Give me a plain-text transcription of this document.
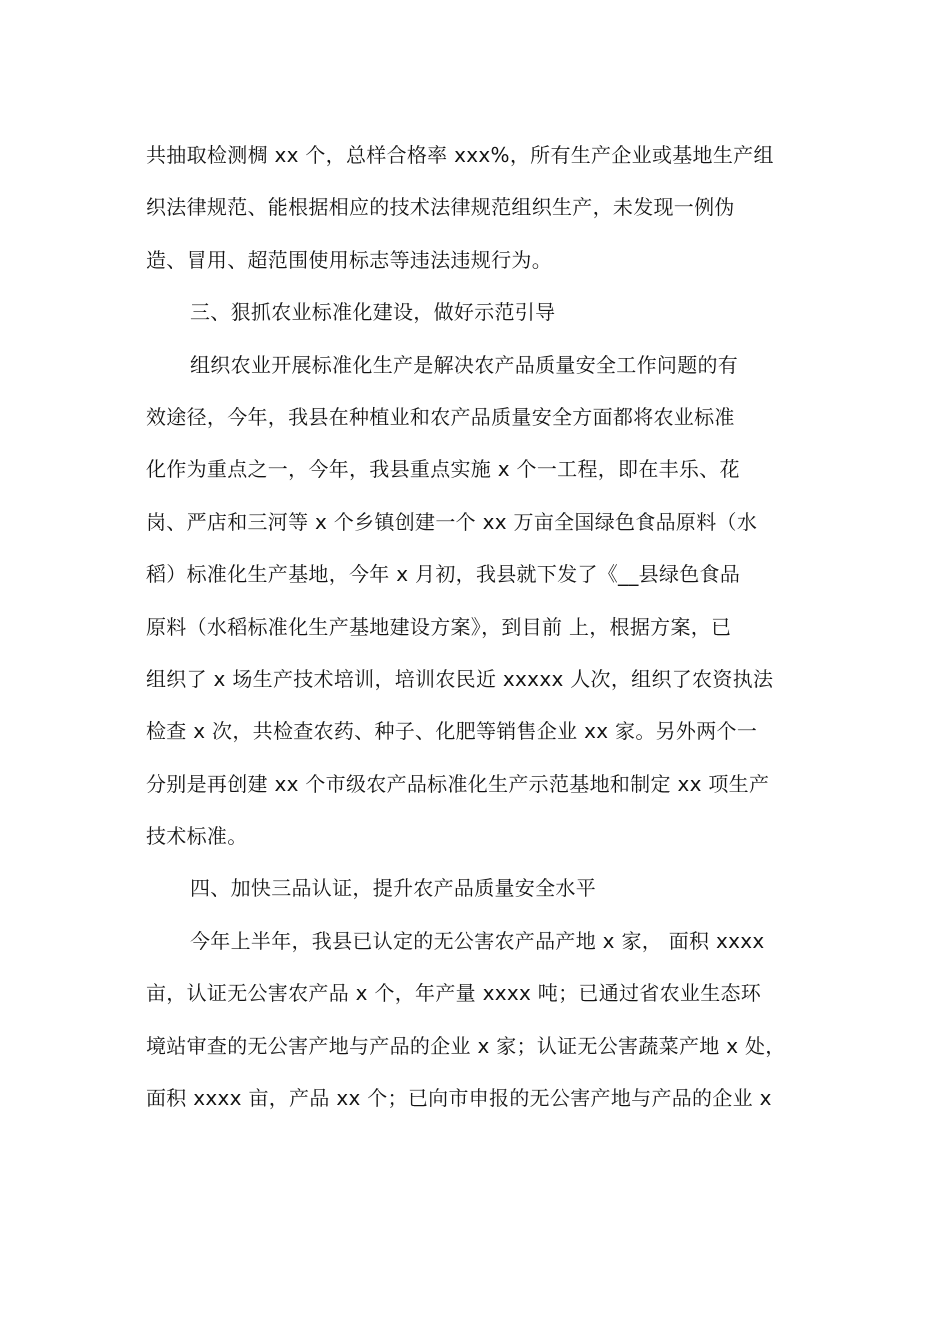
共抽取检测椆 xx 个，总样合格率 xxx%，所有生产企业或基地生产组
织法律规范、能根据相应的技术法律规范组织生产，未发现一例伪
造、冒用、超范围使用标志等违法违规行为。
三、狠抓农业标准化建设，做好示范引导
组织农业开展标准化生产是解决农产品质量安全工作问题的有
效途径，今年，我县在种植业和农产品质量安全方面都将农业标准
化作为重点之一，今年，我县重点实施 x 个一工程，即在丰乐、花
岗、严店和三河等 x 个乡镇创建一个 xx 万亩全国绿色食品原料（水
稻）标准化生产基地，今年 x 月初，我县就下发了《__县绿色食品
原料（水稻标准化生产基地建设方案》，到目前 上，根据方案，已
组织了 x 场生产技术培训，培训农民近 xxxxx 人次，组织了农资执法
检查 x 次，共检查农药、种子、化肥等销售企业 xx 家。另外两个一
分别是再创建 xx 个市级农产品标准化生产示范基地和制定 xx 项生产
技术标准。
四、加快三品认证，提升农产品质量安全水平
今年上半年，我县已认定的无公害农产品产地 x 家， 面积 xxxx
亩，认证无公害农产品 x 个，年产量 xxxx 吨；已通过省农业生态环
境站审查的无公害产地与产品的企业 x 家；认证无公害蔬菜产地 x 处，
面积 xxxx 亩，产品 xx 个；已向市申报的无公害产地与产品的企业 x
